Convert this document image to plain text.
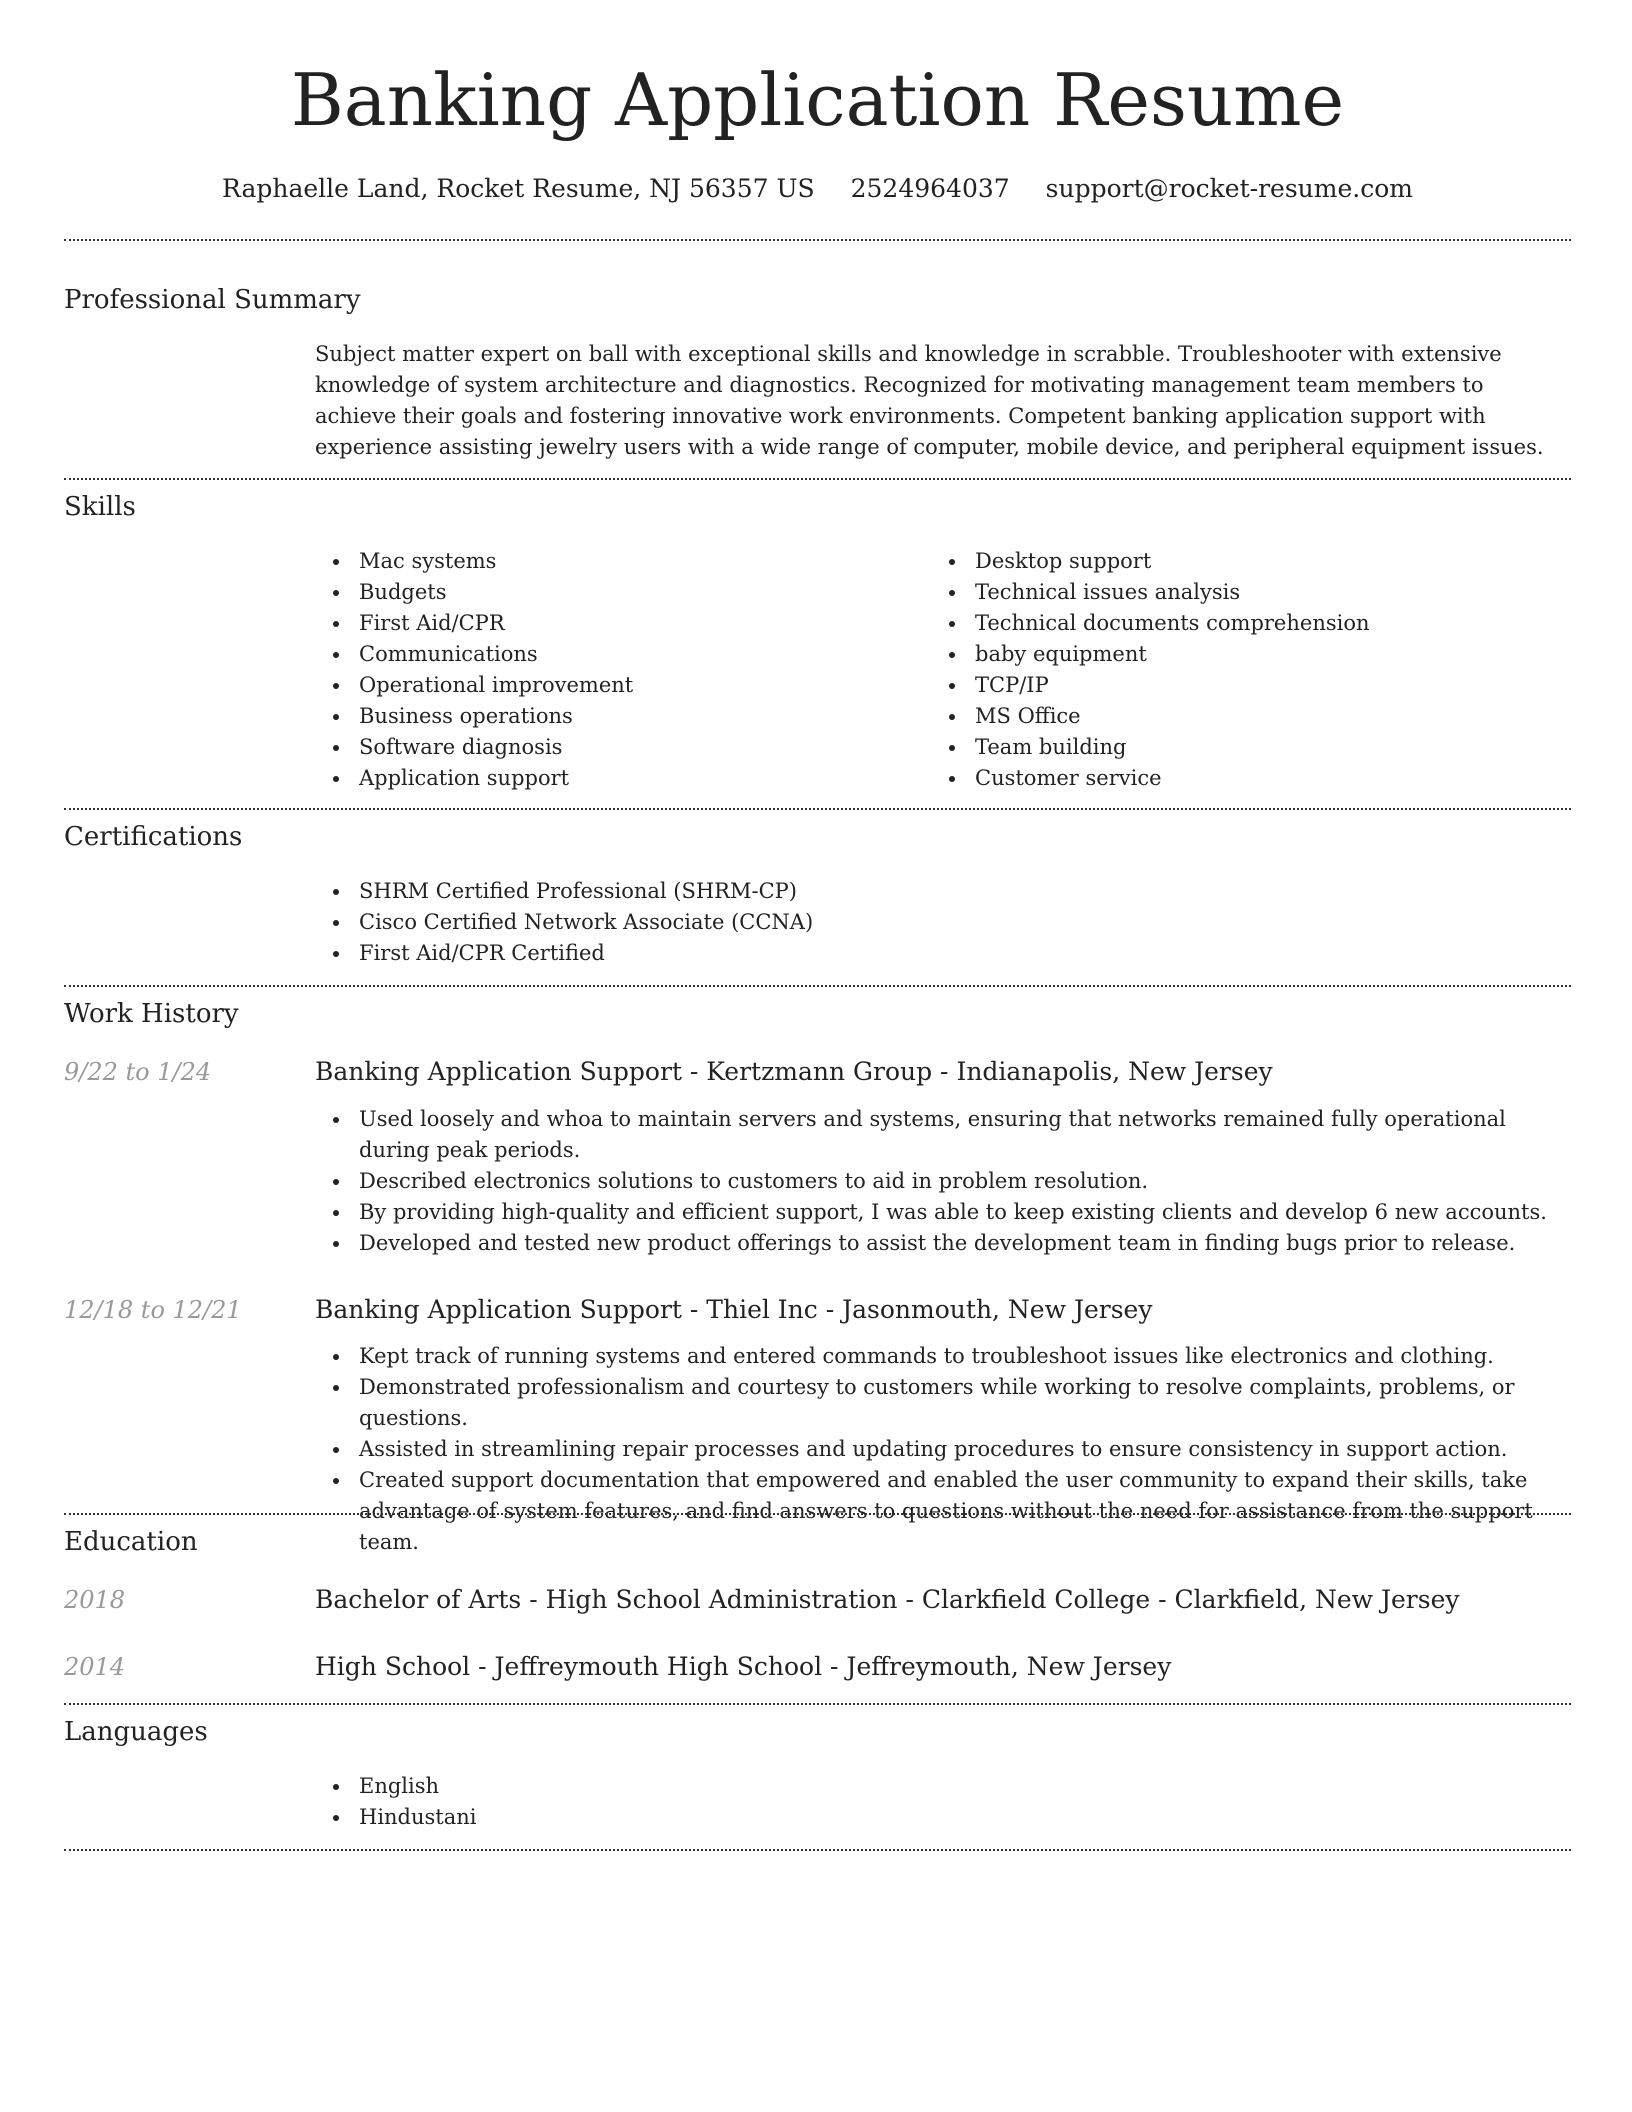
Banking Application Resume
Raphaelle Land, Rocket Resume, NJ 56357 US 2524964037 support@rocket-resume.com
Professional Summary

Subject matter expert on ball with exceptional skills and knowledge in scrabble. Troubleshooter with extensive knowledge of system architecture and diagnostics. Recognized for motivating management team members to achieve their goals and fostering innovative work environments. Competent banking application support with experience assisting jewelry users with a wide range of computer, mobile device, and peripheral equipment issues.

Skills
Mac systems
Budgets
First Aid/CPR
Communications
Operational improvement
Business operations
Software diagnosis
Application support
Desktop support
Technical issues analysis
Technical documents comprehension
baby equipment
TCP/IP
MS Office
Team building
Customer service
Certifications
SHRM Certified Professional (SHRM-CP)
Cisco Certified Network Associate (CCNA)
First Aid/CPR Certified
Work History
9/22 to 1/24	Banking Application Support - Kertzmann Group - Indianapolis, New Jersey
Used loosely and whoa to maintain servers and systems, ensuring that networks remained fully operational during peak periods.
Described electronics solutions to customers to aid in problem resolution.
By providing high-quality and efficient support, I was able to keep existing clients and develop 6 new accounts.
Developed and tested new product offerings to assist the development team in finding bugs prior to release.
12/18 to 12/21	Banking Application Support - Thiel Inc - Jasonmouth, New Jersey
Kept track of running systems and entered commands to troubleshoot issues like electronics and clothing.
Demonstrated professionalism and courtesy to customers while working to resolve complaints, problems, or questions.
Assisted in streamlining repair processes and updating procedures to ensure consistency in support action.
Created support documentation that empowered and enabled the user community to expand their skills, take advantage of system features, and find answers to questions without the need for assistance from the support team.
Education
2018	Bachelor of Arts - High School Administration - Clarkfield College - Clarkfield, New Jersey
2014	High School - Jeffreymouth High School - Jeffreymouth, New Jersey
Languages
English
Hindustani
